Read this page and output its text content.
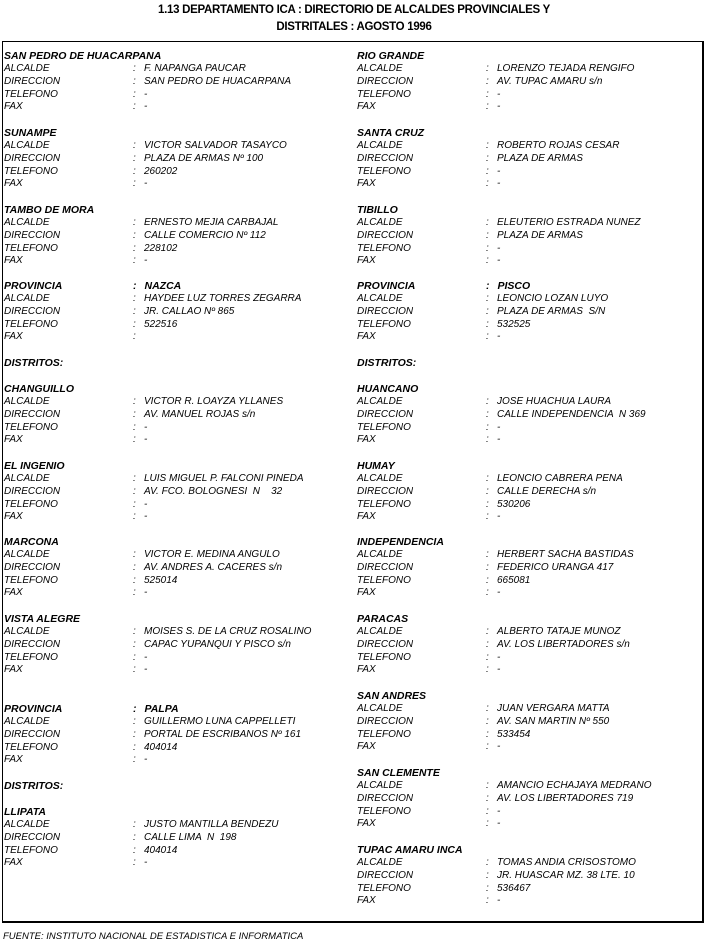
1.13 DEPARTAMENTO ICA : DIRECTORIO DE ALCALDES PROVINCIALES Y
DISTRITALES : AGOSTO 1996
SAN PEDRO DE HUACARPANA
ALCALDE	: F. NAPANGA PAUCAR
DIRECCION	: SAN PEDRO DE HUACARPANA
TELEFONO	: -
FAX	: -
SUNAMPE
ALCALDE	: VICTOR SALVADOR TASAYCO
DIRECCION	: PLAZA DE ARMAS Nº 100
TELEFONO	: 260202
FAX	: -
TAMBO DE MORA
ALCALDE	: ERNESTO MEJIA CARBAJAL
DIRECCION	: CALLE COMERCIO Nº 112
TELEFONO	: 228102
FAX	: -
PROVINCIA	: NAZCA
ALCALDE	: HAYDEE LUZ TORRES ZEGARRA
DIRECCION	: JR. CALLAO Nº 865
TELEFONO	: 522516
FAX	:
DISTRITOS:
CHANGUILLO
ALCALDE	: VICTOR R. LOAYZA YLLANES
DIRECCION	: AV. MANUEL ROJAS s/n
TELEFONO	: -
FAX	: -
EL INGENIO
ALCALDE	: LUIS MIGUEL P. FALCONI PINEDA
DIRECCION	: AV. FCO. BOLOGNESI  N    32
TELEFONO	: -
FAX	: -
MARCONA
ALCALDE	: VICTOR E. MEDINA ANGULO
DIRECCION	: AV. ANDRES A. CACERES s/n
TELEFONO	: 525014
FAX	: -
VISTA ALEGRE
ALCALDE	: MOISES S. DE LA CRUZ ROSALINO
DIRECCION	: CAPAC YUPANQUI Y PISCO s/n
TELEFONO	: -
FAX	: -
PROVINCIA	: PALPA
ALCALDE	: GUILLERMO LUNA CAPPELLETI
DIRECCION	: PORTAL DE ESCRIBANOS Nº 161
TELEFONO	: 404014
FAX	: -
DISTRITOS:
LLIPATA
ALCALDE	: JUSTO MANTILLA BENDEZU
DIRECCION	: CALLE LIMA  N  198
TELEFONO	: 404014
FAX	: -
RIO GRANDE
ALCALDE	: LORENZO TEJADA RENGIFO
DIRECCION	: AV. TUPAC AMARU s/n
TELEFONO	: -
FAX	: -
SANTA CRUZ
ALCALDE	: ROBERTO ROJAS CESAR
DIRECCION	: PLAZA DE ARMAS
TELEFONO	: -
FAX	: -
TIBILLO
ALCALDE	: ELEUTERIO ESTRADA NUNEZ
DIRECCION	: PLAZA DE ARMAS
TELEFONO	: -
FAX	: -
PROVINCIA	: PISCO
ALCALDE	: LEONCIO LOZAN LUYO
DIRECCION	: PLAZA DE ARMAS  S/N
TELEFONO	: 532525
FAX	: -
DISTRITOS:
HUANCANO
ALCALDE	: JOSE HUACHUA LAURA
DIRECCION	: CALLE INDEPENDENCIA  N 369
TELEFONO	: -
FAX	: -
HUMAY
ALCALDE	: LEONCIO CABRERA PENA
DIRECCION	: CALLE DERECHA s/n
TELEFONO	: 530206
FAX	: -
INDEPENDENCIA
ALCALDE	: HERBERT SACHA BASTIDAS
DIRECCION	: FEDERICO URANGA 417
TELEFONO	: 665081
FAX	: -
PARACAS
ALCALDE	: ALBERTO TATAJE MUNOZ
DIRECCION	: AV. LOS LIBERTADORES s/n
TELEFONO	: -
FAX	: -
SAN ANDRES
ALCALDE	: JUAN VERGARA MATTA
DIRECCION	: AV. SAN MARTIN Nº 550
TELEFONO	: 533454
FAX	: -
SAN CLEMENTE
ALCALDE	: AMANCIO ECHAJAYA MEDRANO
DIRECCION	: AV. LOS LIBERTADORES 719
TELEFONO	: -
FAX	: -
TUPAC AMARU INCA
ALCALDE	: TOMAS ANDIA CRISOSTOMO
DIRECCION	: JR. HUASCAR MZ. 38 LTE. 10
TELEFONO	: 536467
FAX	: -
FUENTE: INSTITUTO NACIONAL DE ESTADISTICA E INFORMATICA
